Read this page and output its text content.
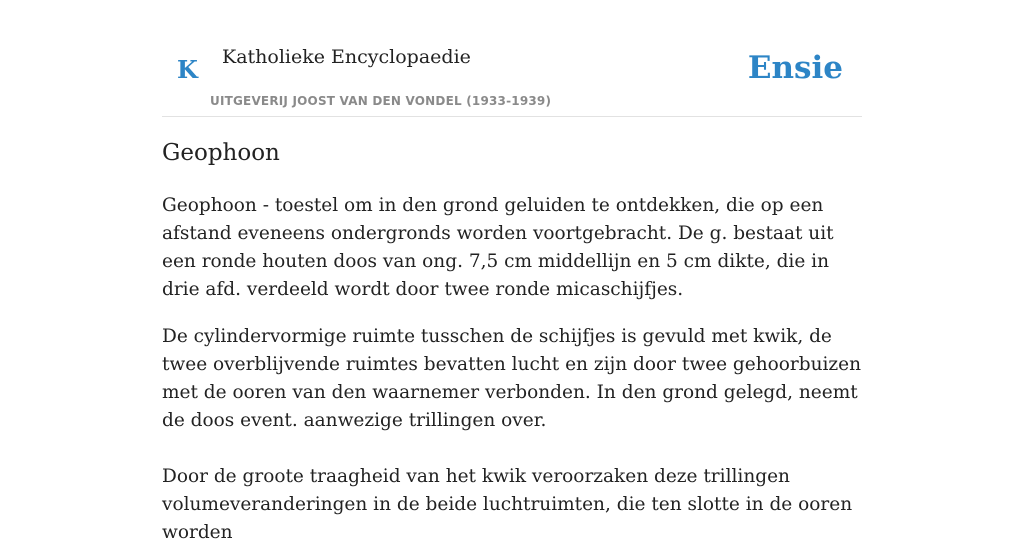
K Katholieke Encyclopaedie
UITGEVERIJ JOOST VAN DEN VONDEL (1933-1939)
Ensie
Geophoon

Geophoon - toestel om in den grond geluiden te ontdekken, die op een afstand eveneens ondergronds worden voortgebracht. De g. bestaat uit een ronde houten doos van ong. 7,5 cm middellijn en 5 cm dikte, die in drie afd. verdeeld wordt door twee ronde micaschijfjes.

De cylindervormige ruimte tusschen de schijfjes is gevuld met kwik, de twee overblijvende ruimtes bevatten lucht en zijn door twee gehoorbuizen met de ooren van den waarnemer verbonden. In den grond gelegd, neemt de doos event. aanwezige trillingen over.

Door de groote traagheid van het kwik veroorzaken deze trillingen volumeveranderingen in de beide luchtruimten, die ten slotte in de ooren worden
